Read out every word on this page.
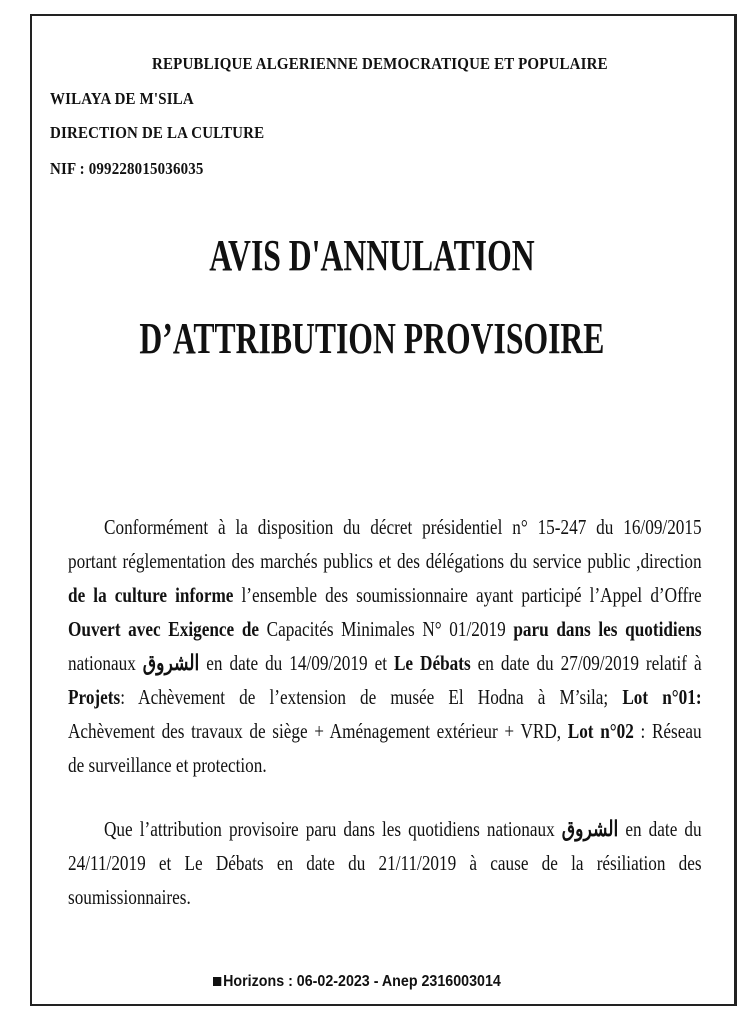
REPUBLIQUE ALGERIENNE DEMOCRATIQUE ET POPULAIRE
WILAYA DE M'SILA
DIRECTION DE LA CULTURE
NIF : 099228015036035
AVIS D'ANNULATION
D’ATTRIBUTION PROVISOIRE
Conformément à la disposition du décret présidentiel n° 15-247 du 16/09/2015
portant réglementation des marchés publics et des délégations du service public ,direction
de la culture informe l’ensemble des soumissionnaire ayant participé l’Appel d’Offre
Ouvert avec Exigence de Capacités Minimales N° 01/2019 paru dans les quotidiens
nationaux الشروق en date du 14/09/2019 et Le Débats en date du 27/09/2019 relatif à
Projets: Achèvement de l’extension de musée El Hodna à M’sila; Lot n°01:
Achèvement des travaux de siège + Aménagement extérieur + VRD, Lot n°02 : Réseau
de surveillance et protection.
Que l’attribution provisoire paru dans les quotidiens nationaux الشروق en date du
24/11/2019 et Le Débats en date du 21/11/2019 à cause de la résiliation des
soumissionnaires.
Horizons : 06-02-2023 - Anep 2316003014
